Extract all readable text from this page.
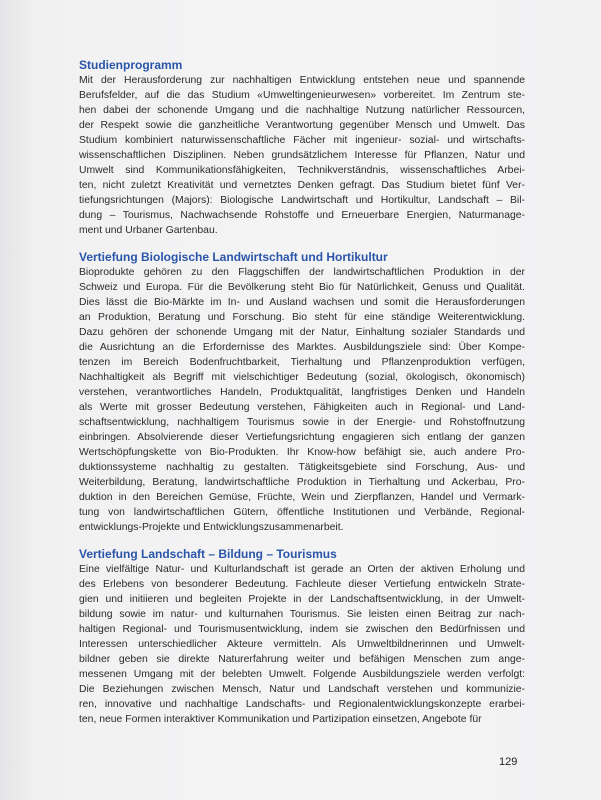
Studienprogramm
Mit der Herausforderung zur nachhaltigen Entwicklung entstehen neue und spannende
Berufsfelder, auf die das Studium «Umweltingenieurwesen» vorbereitet. Im Zentrum ste-
hen dabei der schonende Umgang und die nachhaltige Nutzung natürlicher Ressourcen,
der Respekt sowie die ganzheitliche Verantwortung gegenüber Mensch und Umwelt. Das
Studium kombiniert naturwissenschaftliche Fächer mit ingenieur- sozial- und wirtschafts-
wissenschaftlichen Disziplinen. Neben grundsätzlichem Interesse für Pflanzen, Natur und
Umwelt sind Kommunikationsfähigkeiten, Technikverständnis, wissenschaftliches Arbei-
ten, nicht zuletzt Kreativität und vernetztes Denken gefragt. Das Studium bietet fünf Ver-
tiefungsrichtungen (Majors): Biologische Landwirtschaft und Hortikultur, Landschaft – Bil-
dung – Tourismus, Nachwachsende Rohstoffe und Erneuerbare Energien, Naturmanage-
ment und Urbaner Gartenbau.
Vertiefung Biologische Landwirtschaft und Hortikultur
Bioprodukte gehören zu den Flaggschiffen der landwirtschaftlichen Produktion in der
Schweiz und Europa. Für die Bevölkerung steht Bio für Natürlichkeit, Genuss und Qualität.
Dies lässt die Bio-Märkte im In- und Ausland wachsen und somit die Herausforderungen
an Produktion, Beratung und Forschung. Bio steht für eine ständige Weiterentwicklung.
Dazu gehören der schonende Umgang mit der Natur, Einhaltung sozialer Standards und
die Ausrichtung an die Erfordernisse des Marktes. Ausbildungsziele sind: Über Kompe-
tenzen im Bereich Bodenfruchtbarkeit, Tierhaltung und Pflanzenproduktion verfügen,
Nachhaltigkeit als Begriff mit vielschichtiger Bedeutung (sozial, ökologisch, ökonomisch)
verstehen, verantwortliches Handeln, Produktqualität, langfristiges Denken und Handeln
als Werte mit grosser Bedeutung verstehen, Fähigkeiten auch in Regional- und Land-
schaftsentwicklung, nachhaltigem Tourismus sowie in der Energie- und Rohstoffnutzung
einbringen. Absolvierende dieser Vertiefungsrichtung engagieren sich entlang der ganzen
Wertschöpfungskette von Bio-Produkten. Ihr Know-how befähigt sie, auch andere Pro-
duktionssysteme nachhaltig zu gestalten. Tätigkeitsgebiete sind Forschung, Aus- und
Weiterbildung, Beratung, landwirtschaftliche Produktion in Tierhaltung und Ackerbau, Pro-
duktion in den Bereichen Gemüse, Früchte, Wein und Zierpflanzen, Handel und Vermark-
tung von landwirtschaftlichen Gütern, öffentliche Institutionen und Verbände, Regional-
entwicklungs-Projekte und Entwicklungszusammenarbeit.
Vertiefung Landschaft – Bildung – Tourismus
Eine vielfältige Natur- und Kulturlandschaft ist gerade an Orten der aktiven Erholung und
des Erlebens von besonderer Bedeutung. Fachleute dieser Vertiefung entwickeln Strate-
gien und initiieren und begleiten Projekte in der Landschaftsentwicklung, in der Umwelt-
bildung sowie im natur- und kulturnahen Tourismus. Sie leisten einen Beitrag zur nach-
haltigen Regional- und Tourismusentwicklung, indem sie zwischen den Bedürfnissen und
Interessen unterschiedlicher Akteure vermitteln. Als Umweltbildnerinnen und Umwelt-
bildner geben sie direkte Naturerfahrung weiter und befähigen Menschen zum ange-
messenen Umgang mit der belebten Umwelt. Folgende Ausbildungsziele werden verfolgt:
Die Beziehungen zwischen Mensch, Natur und Landschaft verstehen und kommunizie-
ren, innovative und nachhaltige Landschafts- und Regionalentwicklungskonzepte erarbei-
ten, neue Formen interaktiver Kommunikation und Partizipation einsetzen, Angebote für
129
